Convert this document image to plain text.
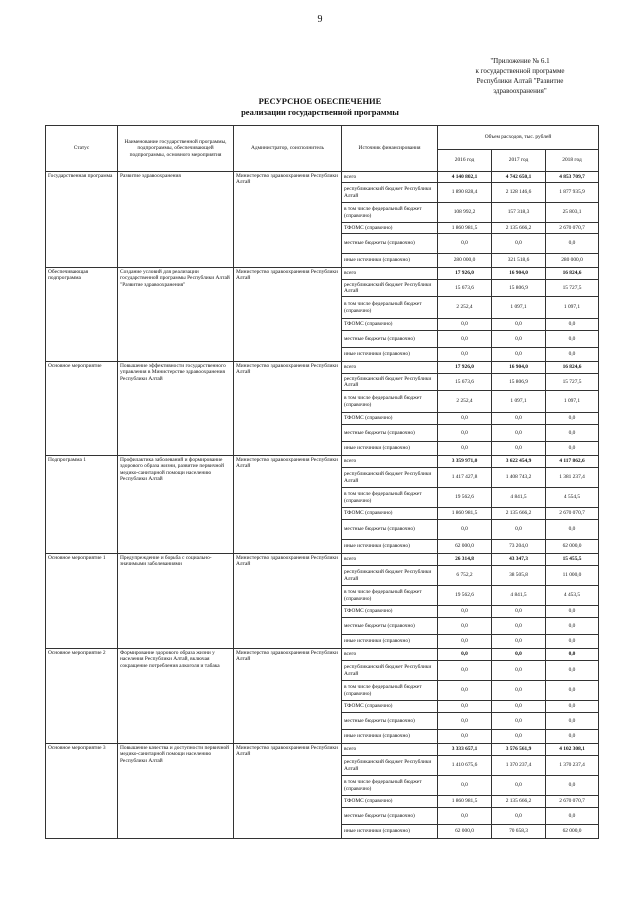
9
"Приложение № 6.1
к государственной программе
Республики Алтай "Развитие
здравоохранения"
РЕСУРСНОЕ ОБЕСПЕЧЕНИЕ
реализации государственной программы
Статус	Наименование государственной программы, подпрограммы, обеспечивающей подпрограммы, основного мероприятия	Администратор, соисполнитель	Источник финансирования	Объем расходов, тыс. рублей		
				2016 год	2017 год	2018 год
Государственная программа	Развитие здравоохранения	Министерство здравоохранения Республики Алтай	всего	4 140 802,1	4 742 650,1	4 853 709,7
			республиканский бюджет Республики Алтай	1 890 828,4	2 128 146,6	1 877 935,9
			в том числе федеральный бюджет (справочно)	108 992,2	157 318,3	25 803,1
			ТФОМС (справочно)	1 860 981,5	2 135 666,2	2 670 070,7
			местные бюджеты (справочно)	0,0	0,0	0,0
			иные источники (справочно)	280 000,0	321 518,6	280 000,0
Обеспечивающая подпрограмма	Создание условий для реализации государственной программы Республики Алтай "Развитие здравоохранения"	Министерство здравоохранения Республики Алтай	всего	17 926,0	16 904,0	16 824,6
			республиканский бюджет Республики Алтай	15 673,6	15 806,9	15 727,5
			в том числе федеральный бюджет (справочно)	2 252,4	1 097,1	1 097,1
			ТФОМС (справочно)	0,0	0,0	0,0
			местные бюджеты (справочно)	0,0	0,0	0,0
			иные источники (справочно)	0,0	0,0	0,0
Основное мероприятие	Повышение эффективности государственного управления в Министерстве здравоохранения Республики Алтай	Министерство здравоохранения Республики Алтай	всего	17 926,0	16 904,0	16 824,6
			республиканский бюджет Республики Алтай	15 673,6	15 806,9	15 727,5
			в том числе федеральный бюджет (справочно)	2 252,4	1 097,1	1 097,1
			ТФОМС (справочно)	0,0	0,0	0,0
			местные бюджеты (справочно)	0,0	0,0	0,0
			иные источники (справочно)	0,0	0,0	0,0
Подпрограмма 1	Профилактика заболеваний и формирование здорового образа жизни, развитие первичной медико-санитарной помощи населению Республики Алтай	Министерство здравоохранения Республики Алтай	всего	3 359 971,0	3 622 454,9	4 117 862,6
			республиканский бюджет Республики Алтай	1 417 427,8	1 408 743,2	1 381 237,4
			в том числе федеральный бюджет (справочно)	19 562,6	4 841,5	4 554,5
			ТФОМС (справочно)	1 860 981,5	2 135 666,2	2 670 070,7
			местные бюджеты (справочно)	0,0	0,0	0,0
			иные источники (справочно)	62 000,0	73 204,0	62 000,0
Основное мероприятие 1	Предупреждение и борьба с социально-значимыми заболеваниями	Министерство здравоохранения Республики Алтай	всего	26 314,8	43 347,3	15 455,5
			республиканский бюджет Республики Алтай	6 752,2	38 505,8	11 000,0
			в том числе федеральный бюджет (справочно)	19 562,6	4 841,5	4 453,5
			ТФОМС (справочно)	0,0	0,0	0,0
			местные бюджеты (справочно)	0,0	0,0	0,0
			иные источники (справочно)	0,0	0,0	0,0
Основное мероприятие 2	Формирование здорового образа жизни у населения Республики Алтай, включая сокращение потребления алкоголя и табака	Министерство здравоохранения Республики Алтай	всего	0,0	0,0	0,0
			республиканский бюджет Республики Алтай	0,0	0,0	0,0
			в том числе федеральный бюджет (справочно)	0,0	0,0	0,0
			ТФОМС (справочно)	0,0	0,0	0,0
			местные бюджеты (справочно)	0,0	0,0	0,0
			иные источники (справочно)	0,0	0,0	0,0
Основное мероприятие 3	Повышение качества и доступности первичной медико-санитарной помощи населению Республики Алтай	Министерство здравоохранения Республики Алтай	всего	3 333 657,1	3 576 561,9	4 102 308,1
			республиканский бюджет Республики Алтай	1 410 675,6	1 370 237,4	1 370 237,4
			в том числе федеральный бюджет (справочно)	0,0	0,0	0,0
			ТФОМС (справочно)	1 860 981,5	2 135 666,2	2 670 070,7
			местные бюджеты (справочно)	0,0	0,0	0,0
			иные источники (справочно)	62 000,0	70 658,3	62 000,0
